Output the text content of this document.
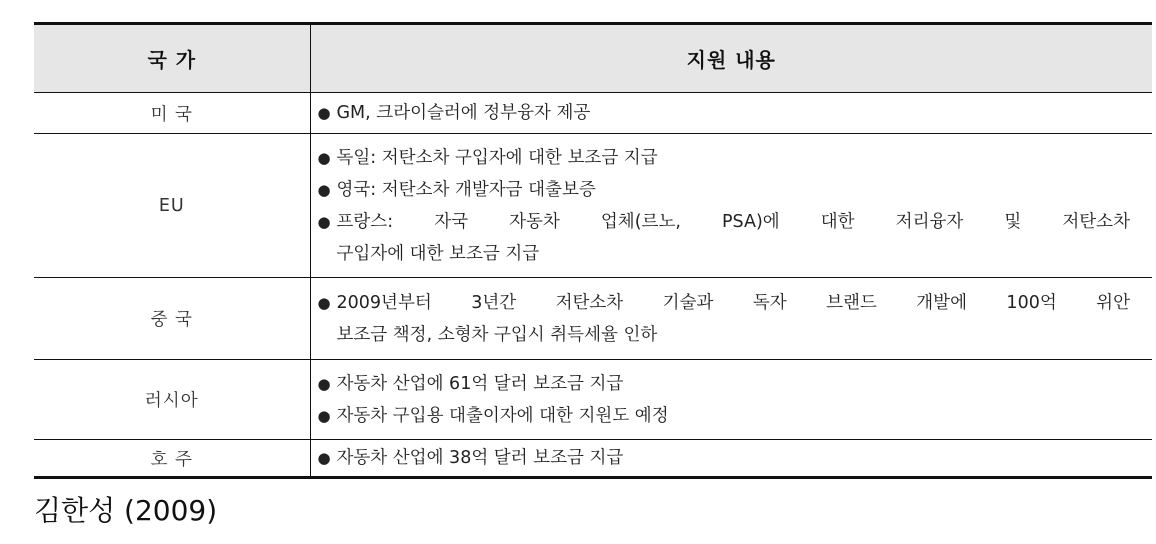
국 가	지원 내용
미 국	● GM, 크라이슬러에 정부융자 제공

EU	● 독일: 저탄소차 구입자에 대한 보조금 지급
● 영국: 저탄소차 개발자금 대출보증
● 프랑스: 자국 자동차 업체(르노, PSA)에 대한 저리융자 및 저탄소차
구입자에 대한 보조금 지급

중 국	● 2009년부터 3년간 저탄소차 기술과 독자 브랜드 개발에 100억 위안
보조금 책정, 소형차 구입시 취득세율 인하

러시아	● 자동차 산업에 61억 달러 보조금 지급
● 자동차 구입용 대출이자에 대한 지원도 예정

호 주	● 자동차 산업에 38억 달러 보조금 지급
김한성 (2009)
